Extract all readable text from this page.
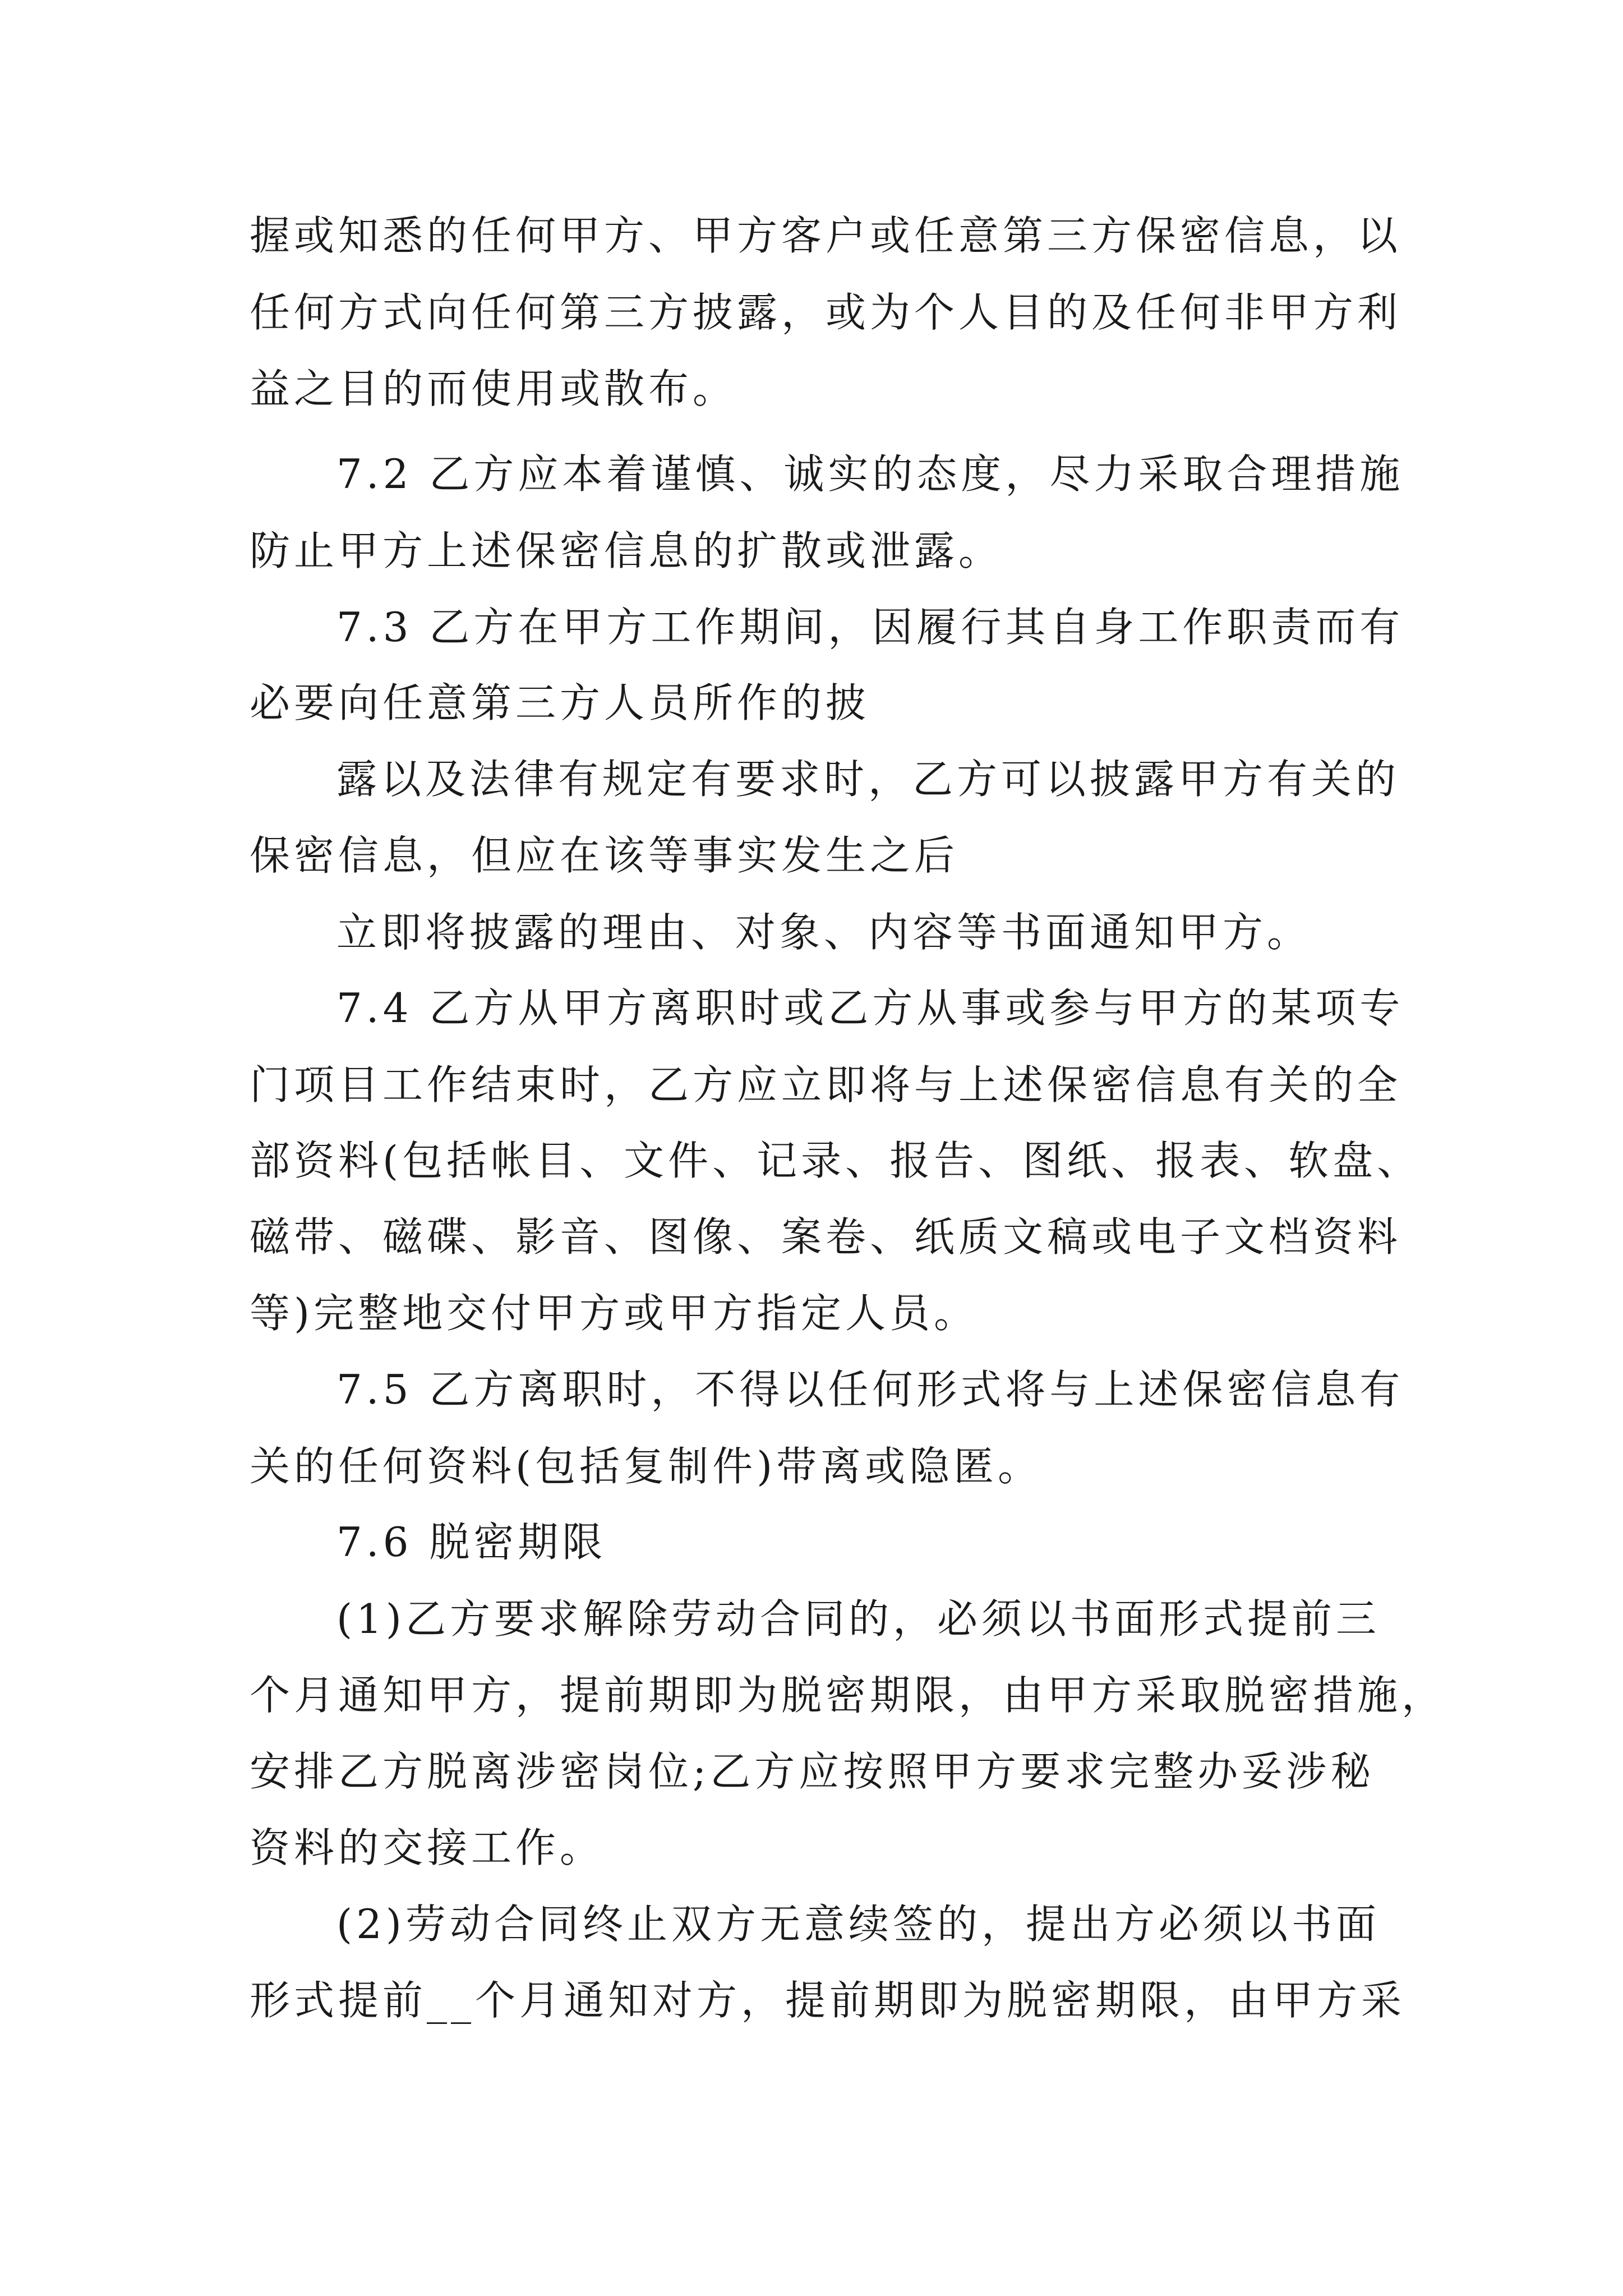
握或知悉的任何甲方、甲方客户或任意第三方保密信息，以
任何方式向任何第三方披露，或为个人目的及任何非甲方利
益之目的而使用或散布。
7.2 乙方应本着谨慎、诚实的态度，尽力采取合理措施
防止甲方上述保密信息的扩散或泄露。
7.3 乙方在甲方工作期间，因履行其自身工作职责而有
必要向任意第三方人员所作的披
露以及法律有规定有要求时，乙方可以披露甲方有关的
保密信息，但应在该等事实发生之后
立即将披露的理由、对象、内容等书面通知甲方。
7.4 乙方从甲方离职时或乙方从事或参与甲方的某项专
门项目工作结束时，乙方应立即将与上述保密信息有关的全
部资料(包括帐目、文件、记录、报告、图纸、报表、软盘、
磁带、磁碟、影音、图像、案卷、纸质文稿或电子文档资料
等)完整地交付甲方或甲方指定人员。
7.5 乙方离职时，不得以任何形式将与上述保密信息有
关的任何资料(包括复制件)带离或隐匿。
7.6 脱密期限
(1)乙方要求解除劳动合同的，必须以书面形式提前三
个月通知甲方，提前期即为脱密期限，由甲方采取脱密措施，
安排乙方脱离涉密岗位;乙方应按照甲方要求完整办妥涉秘
资料的交接工作。
(2)劳动合同终止双方无意续签的，提出方必须以书面
形式提前__个月通知对方，提前期即为脱密期限，由甲方采
